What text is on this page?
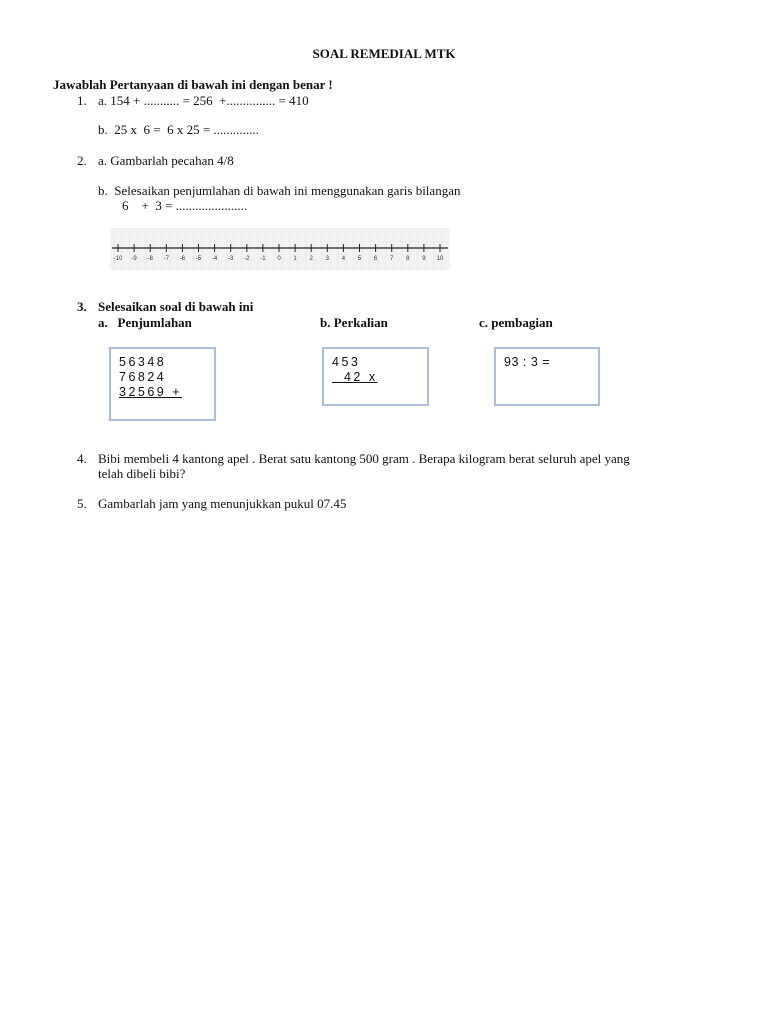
SOAL REMEDIAL MTK
Jawablah Pertanyaan di bawah ini dengan benar !
1. a. 154 + ........... = 256  +............... = 410
b.  25 x  6 =  6 x 25 = ..............
2. a. Gambarlah pecahan 4/8
b.  Selesaikan penjumlahan di bawah ini menggunakan garis bilangan
6    +  3 = ......................
-10 -9 -8 -7 -6 -5 -4 -3 -2 -1 0 1 2 3 4 5 6 7 8 9 10
3. Selesaikan soal di bawah ini
a.   Penjumlahan	b. Perkalian	c. pembagian
56348
76824
32569 +
453
42 x
93 : 3 =
4. Bibi membeli 4 kantong apel . Berat satu kantong 500 gram . Berapa kilogram berat seluruh apel yang
telah dibeli bibi?
5. Gambarlah jam yang menunjukkan pukul 07.45
